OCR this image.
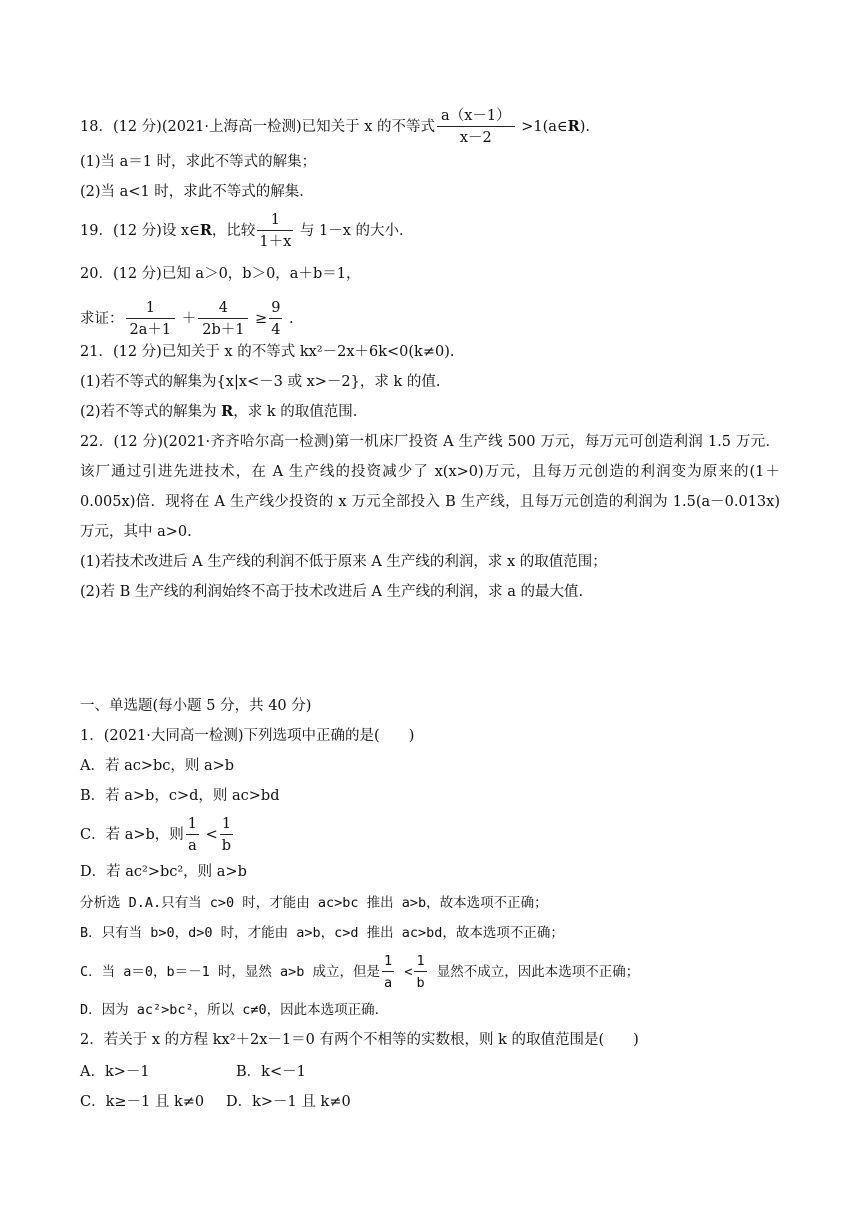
18．(12 分)(2021·上海高一检测)已知关于 x 的不等式 $\frac{a(x-1)}{x-2}$ >1(a∈R).
(1)当 a＝1 时，求此不等式的解集；
(2)当 a<1 时，求此不等式的解集．
19．(12 分)设 x∈R，比较 $\frac{1}{1+x}$ 与 1－x 的大小．
20．(12 分)已知 a＞0，b＞0，a＋b＝1，
求证： $\frac{1}{2a+1} + \frac{4}{2b+1} \ge \frac{9}{4}$ .
21．(12 分)已知关于 x 的不等式 kx²－2x＋6k<0(k≠0).
(1)若不等式的解集为{x|x<－3 或 x>－2}，求 k 的值.
(2)若不等式的解集为 R，求 k 的取值范围.
22．(12 分)(2021·齐齐哈尔高一检测)第一机床厂投资 A 生产线 500 万元，每万元可创造利润 1.5 万元．该厂通过引进先进技术，在 A 生产线的投资减少了 x(x>0)万元，且每万元创造的利润变为原来的(1＋0.005x)倍．现将在 A 生产线少投资的 x 万元全部投入 B 生产线，且每万元创造的利润为 1.5(a－0.013x)万元，其中 a>0.
(1)若技术改进后 A 生产线的利润不低于原来 A 生产线的利润，求 x 的取值范围；
(2)若 B 生产线的利润始终不高于技术改进后 A 生产线的利润，求 a 的最大值.
一、单选题(每小题 5 分，共 40 分)
1．(2021·大同高一检测)下列选项中正确的是(　　)
A．若 ac>bc，则 a>b
B．若 a>b，c>d，则 ac>bd
C．若 a>b，则 $\frac{1}{a} < \frac{1}{b}$
D．若 ac²>bc²，则 a>b
分析选 D.A.只有当 c>0 时，才能由 ac>bc 推出 a>b，故本选项不正确；
B．只有当 b>0，d>0 时，才能由 a>b，c>d 推出 ac>bd，故本选项不正确；
C．当 a＝0，b＝－1 时，显然 a>b 成立，但是 $\frac{1}{a} < \frac{1}{b}$ 显然不成立，因此本选项不正确；
D．因为 ac²>bc²，所以 c≠0，因此本选项正确．
2．若关于 x 的方程 kx²＋2x－1＝0 有两个不相等的实数根，则 k 的取值范围是(　　)
A．k>－1	B．k<－1
C．k≥－1 且 k≠0 D．k>－1 且 k≠0
